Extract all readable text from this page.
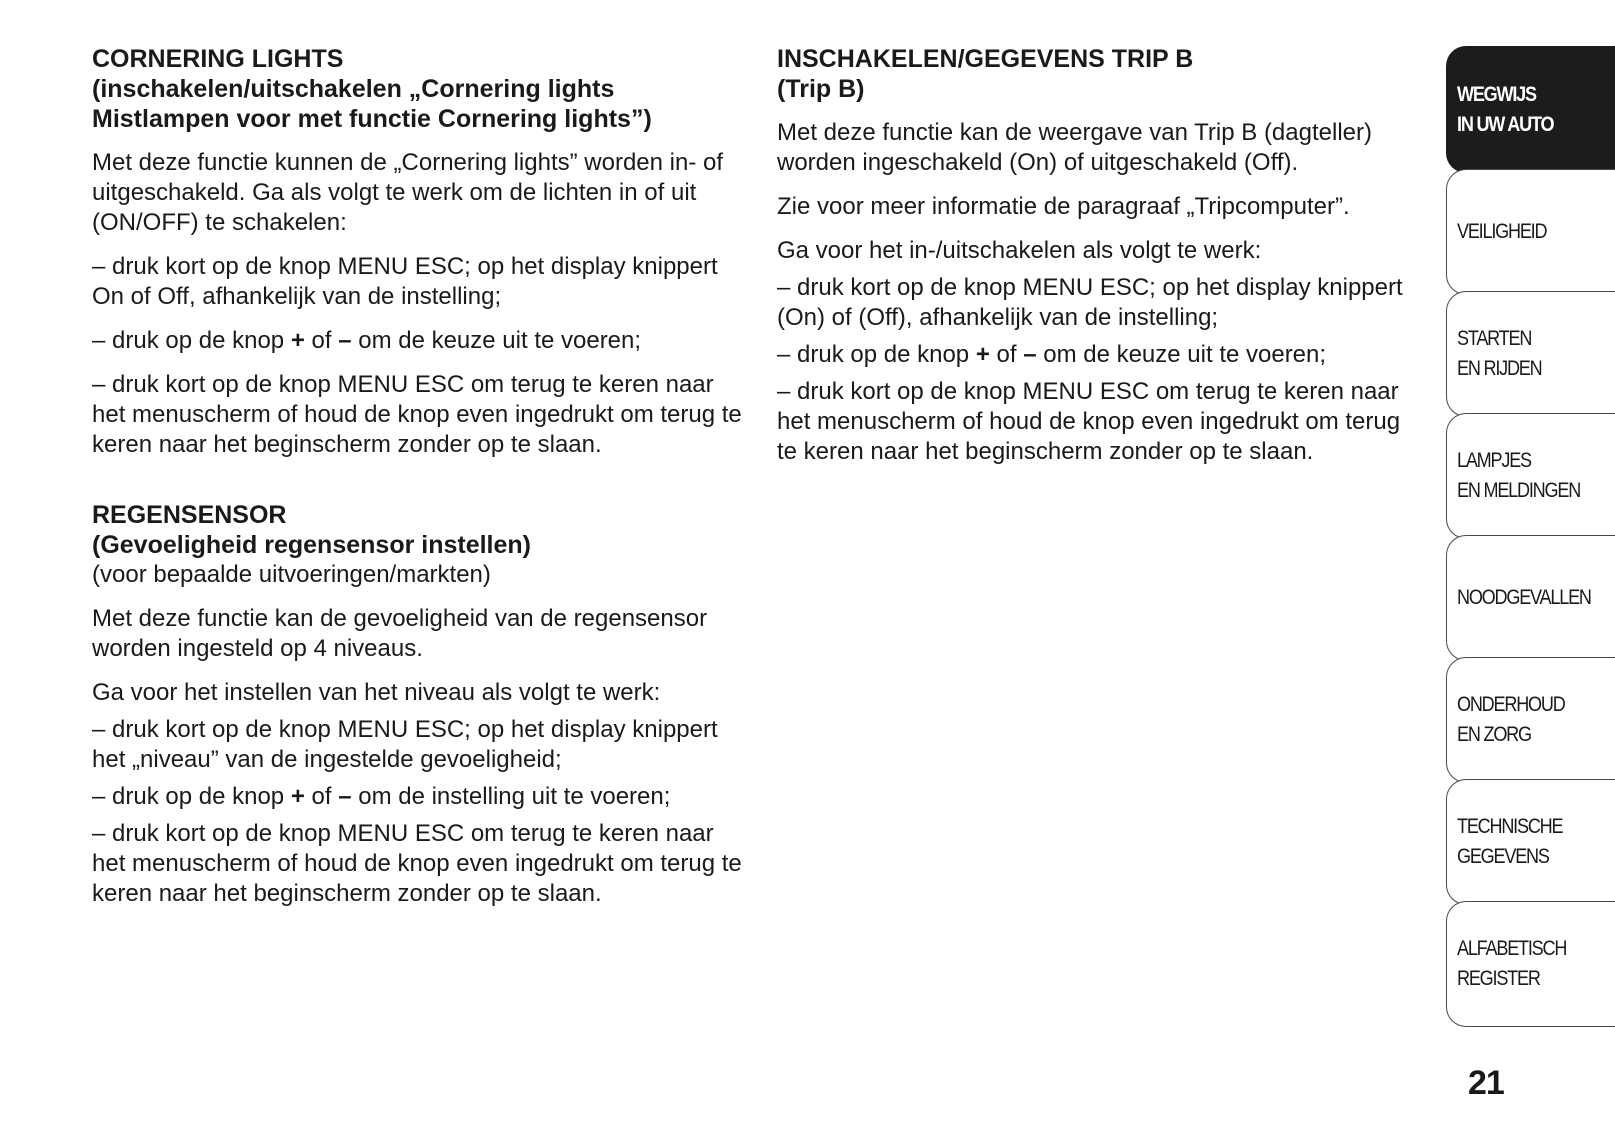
CORNERING LIGHTS
(inschakelen/uitschakelen „Cornering lights
Mistlampen voor met functie Cornering lights”)

Met deze functie kunnen de „Cornering lights” worden in- of uitgeschakeld. Ga als volgt te werk om de lichten in of uit (ON/OFF) te schakelen:

– druk kort op de knop MENU ESC; op het display knippert On of Off, afhankelijk van de instelling;

– druk op de knop + of – om de keuze uit te voeren;

– druk kort op de knop MENU ESC om terug te keren naar het menuscherm of houd de knop even ingedrukt om terug te keren naar het beginscherm zonder op te slaan.

REGENSENSOR
(Gevoeligheid regensensor instellen)
(voor bepaalde uitvoeringen/markten)

Met deze functie kan de gevoeligheid van de regensensor worden ingesteld op 4 niveaus.

Ga voor het instellen van het niveau als volgt te werk:

– druk kort op de knop MENU ESC; op het display knippert het „niveau” van de ingestelde gevoeligheid;

– druk op de knop + of – om de instelling uit te voeren;

– druk kort op de knop MENU ESC om terug te keren naar het menuscherm of houd de knop even ingedrukt om terug te keren naar het beginscherm zonder op te slaan.

INSCHAKELEN/GEGEVENS TRIP B
(Trip B)

Met deze functie kan de weergave van Trip B (dagteller) worden ingeschakeld (On) of uitgeschakeld (Off).

Zie voor meer informatie de paragraaf „Tripcomputer”.

Ga voor het in-/uitschakelen als volgt te werk:

– druk kort op de knop MENU ESC; op het display knippert (On) of (Off), afhankelijk van de instelling;

– druk op de knop + of – om de keuze uit te voeren;

– druk kort op de knop MENU ESC om terug te keren naar het menuscherm of houd de knop even ingedrukt om terug te keren naar het beginscherm zonder op te slaan.

WEGWIJS
IN UW AUTO
VEILIGHEID
STARTEN
EN RIJDEN
LAMPJES
EN MELDINGEN
NOODGEVALLEN
ONDERHOUD
EN ZORG
TECHNISCHE
GEGEVENS
ALFABETISCH
REGISTER
21
